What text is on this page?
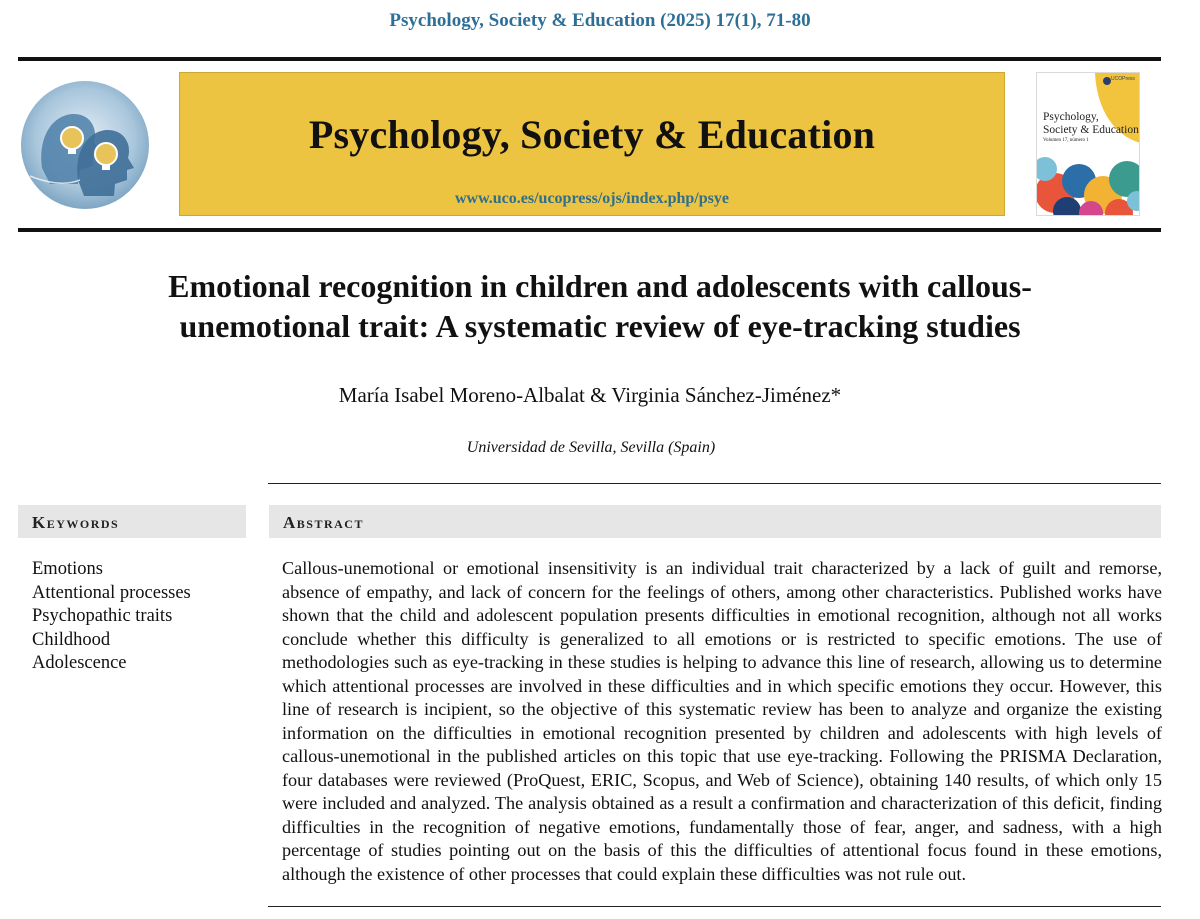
Psychology, Society & Education (2025) 17(1), 71-80
Psychology, Society & Education
www.uco.es/ucopress/ojs/index.php/psye
UCOPress
Psychology,
Society & Education
Volumen 17, número 1
Emotional recognition in children and adolescents with callous-
unemotional trait: A systematic review of eye-tracking studies
María Isabel Moreno-Albalat & Virginia Sánchez-Jiménez*
Universidad de Sevilla, Sevilla (Spain)
Keywords
Emotions
Attentional processes
Psychopathic traits
Childhood
Adolescence
Abstract

Callous-unemotional or emotional insensitivity is an individual trait characterized by a lack of guilt and remorse, absence of empathy, and lack of concern for the feelings of others, among other characteristics. Published works have shown that the child and adolescent population presents difficulties in emotional recognition, although not all works conclude whether this difficulty is generalized to all emotions or is restricted to specific emotions. The use of methodologies such as eye-tracking in these studies is helping to advance this line of research, allowing us to determine which attentional processes are involved in these difficulties and in which specific emotions they occur. However, this line of research is incipient, so the objective of this systematic review has been to analyze and organize the existing information on the difficulties in emotional recognition presented by children and adolescents with high levels of callous-unemotional in the published articles on this topic that use eye-tracking. Following the PRISMA Declaration, four databases were reviewed (ProQuest, ERIC, Scopus, and Web of Science), obtaining 140 results, of which only 15 were included and analyzed. The analysis obtained as a result a confirmation and characterization of this deficit, finding difficulties in the recognition of negative emotions, fundamentally those of fear, anger, and sadness, with a high percentage of studies pointing out on the basis of this the difficulties of attentional focus found in these emotions, although the existence of other processes that could explain these difficulties was not rule out.
